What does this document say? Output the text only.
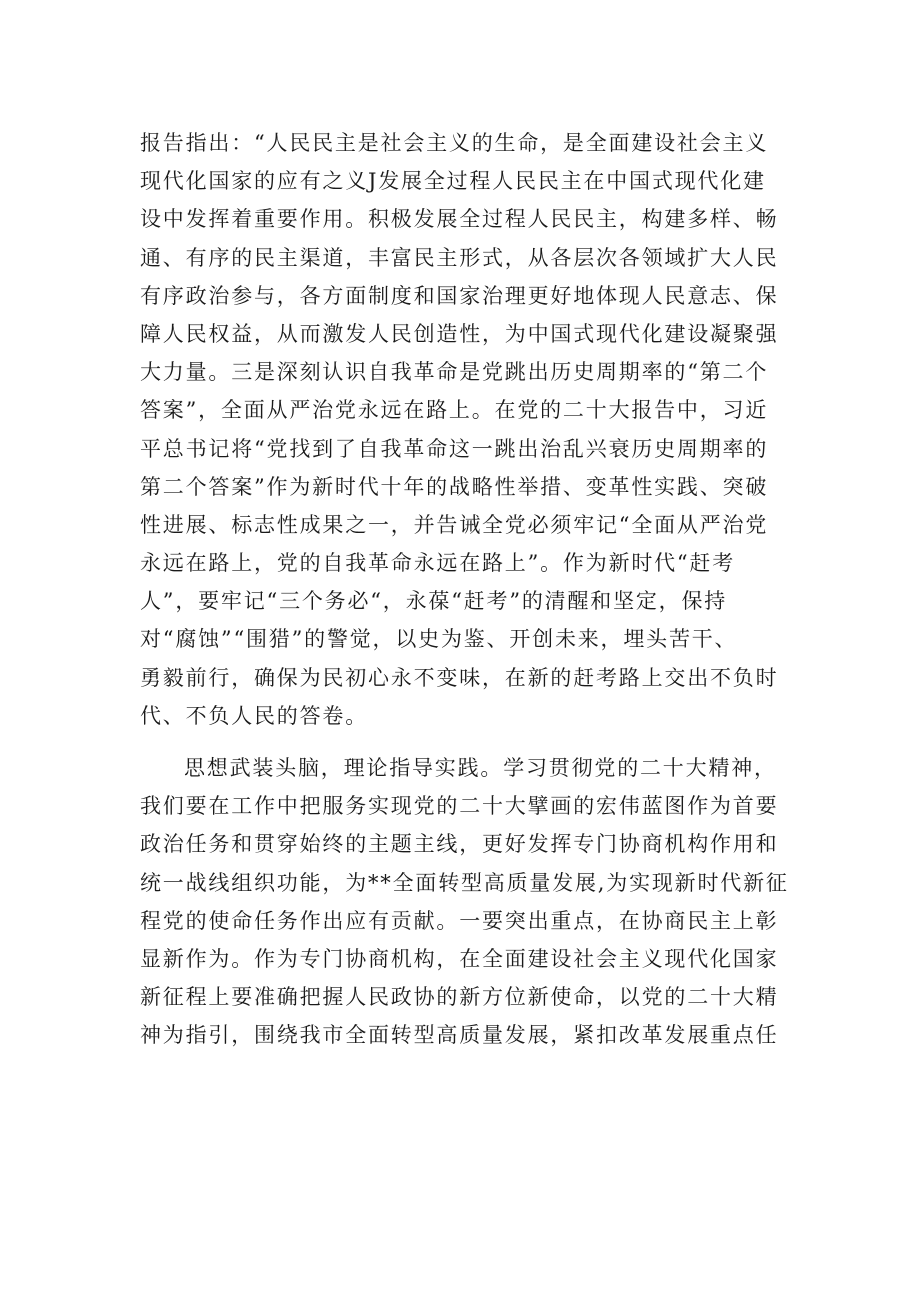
报告指出：“人民民主是社会主义的生命，是全面建设社会主义
现代化国家的应有之义J发展全过程人民民主在中国式现代化建
设中发挥着重要作用。积极发展全过程人民民主，构建多样、畅
通、有序的民主渠道，丰富民主形式，从各层次各领域扩大人民
有序政治参与，各方面制度和国家治理更好地体现人民意志、保
障人民权益，从而激发人民创造性，为中国式现代化建设凝聚强
大力量。三是深刻认识自我革命是党跳出历史周期率的“第二个
答案”，全面从严治党永远在路上。在党的二十大报告中，习近
平总书记将“党找到了自我革命这一跳出治乱兴衰历史周期率的
第二个答案”作为新时代十年的战略性举措、变革性实践、突破
性进展、标志性成果之一，并告诫全党必须牢记“全面从严治党
永远在路上，党的自我革命永远在路上”。作为新时代“赶考
人”，要牢记“三个务必“，永葆“赶考”的清醒和坚定，保持
对“腐蚀”“围猎”的警觉，以史为鉴、开创未来，埋头苦干、
勇毅前行，确保为民初心永不变味，在新的赶考路上交出不负时
代、不负人民的答卷。
思想武装头脑，理论指导实践。学习贯彻党的二十大精神，
我们要在工作中把服务实现党的二十大擘画的宏伟蓝图作为首要
政治任务和贯穿始终的主题主线，更好发挥专门协商机构作用和
统一战线组织功能，为**全面转型高质量发展,为实现新时代新征
程党的使命任务作出应有贡献。一要突出重点，在协商民主上彰
显新作为。作为专门协商机构，在全面建设社会主义现代化国家
新征程上要准确把握人民政协的新方位新使命，以党的二十大精
神为指引，围绕我市全面转型高质量发展，紧扣改革发展重点任
